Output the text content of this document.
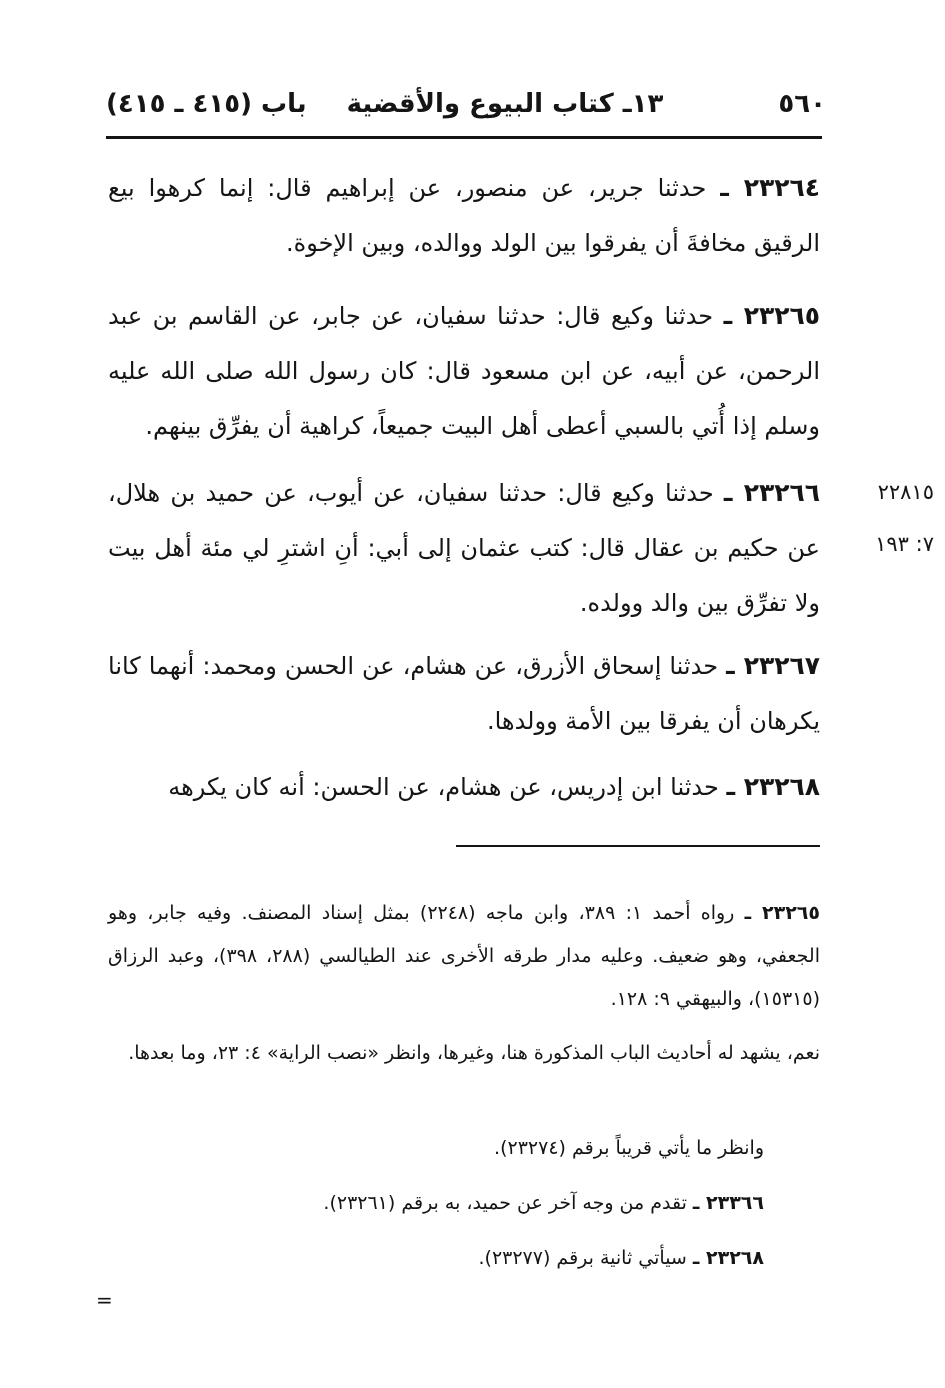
٥٦٠
١٣ـ كتاب البيوع والأقضية
باب (٤١٥ ـ ٤١٥)
٢٣٢٦٤ ـ حدثنا جرير، عن منصور، عن إبراهيم قال: إنما كرهوا بيع الرقيق مخافةَ أن يفرقوا بين الولد ووالده، وبين الإخوة.
٢٣٢٦٥ ـ حدثنا وكيع قال: حدثنا سفيان، عن جابر، عن القاسم بن عبد الرحمن، عن أبيه، عن ابن مسعود قال: كان رسول الله صلى الله عليه وسلم إذا أُتي بالسبي أعطى أهل البيت جميعاً، كراهية أن يفرِّق بينهم.
٢٣٢٦٦ ـ حدثنا وكيع قال: حدثنا سفيان، عن أيوب، عن حميد بن هلال، عن حكيم بن عقال قال: كتب عثمان إلى أبي: أنِ اشترِ لي مئة أهل بيت ولا تفرِّق بين والد وولده.
٢٣٢٦٧ ـ حدثنا إسحاق الأزرق، عن هشام، عن الحسن ومحمد: أنهما كانا يكرهان أن يفرقا بين الأمة وولدها.
٢٣٢٦٨ ـ حدثنا ابن إدريس، عن هشام، عن الحسن: أنه كان يكرهه
٢٢٨١٥
٧: ١٩٣
٢٣٢٦٥ ـ رواه أحمد ١: ٣٨٩، وابن ماجه (٢٢٤٨) بمثل إسناد المصنف. وفيه جابر، وهو الجعفي، وهو ضعيف. وعليه مدار طرقه الأخرى عند الطيالسي (٢٨٨، ٣٩٨)، وعبد الرزاق (١٥٣١٥)، والبيهقي ٩: ١٢٨.
نعم، يشهد له أحاديث الباب المذكورة هنا، وغيرها، وانظر «نصب الراية» ٤: ٢٣، وما بعدها.
وانظر ما يأتي قريباً برقم (٢٣٢٧٤).
٢٣٣٦٦ ـ تقدم من وجه آخر عن حميد، به برقم (٢٣٢٦١).
٢٣٢٦٨ ـ سيأتي ثانية برقم (٢٣٢٧٧).
=
